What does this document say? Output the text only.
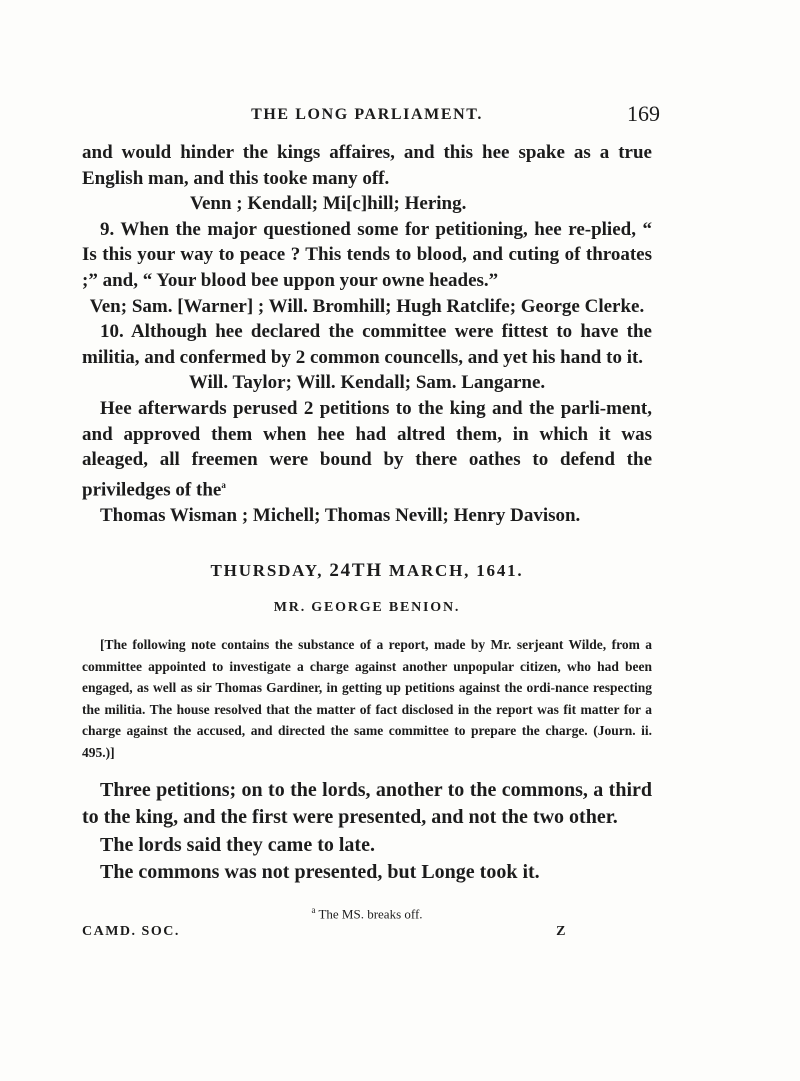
THE LONG PARLIAMENT.	169

and would hinder the kings affaires, and this hee spake as a true English man, and this tooke many off.

Venn ; Kendall; Mi[c]hill; Hering.

9. When the major questioned some for petitioning, hee re-plied, “ Is this your way to peace ? This tends to blood, and cuting of throates ;” and, “ Your blood bee uppon your owne heades.”

Ven; Sam. [Warner] ; Will. Bromhill; Hugh Ratclife; George Clerke.

10. Although hee declared the committee were fittest to have the militia, and confermed by 2 common councells, and yet his hand to it.

Will. Taylor; Will. Kendall; Sam. Langarne.

Hee afterwards perused 2 petitions to the king and the parli-ment, and approved them when hee had altred them, in which it was aleaged, all freemen were bound by there oathes to defend the priviledges of the$^a$

Thomas Wisman ; Michell; Thomas Nevill; Henry Davison.

THURSDAY, 24TH MARCH, 1641.
MR. GEORGE BENION.

[The following note contains the substance of a report, made by Mr. serjeant Wilde, from a committee appointed to investigate a charge against another unpopular citizen, who had been engaged, as well as sir Thomas Gardiner, in getting up petitions against the ordi-nance respecting the militia. The house resolved that the matter of fact disclosed in the report was fit matter for a charge against the accused, and directed the same committee to prepare the charge. (Journ. ii. 495.)]

Three petitions; on to the lords, another to the commons, a third to the king, and the first were presented, and not the two other.

The lords said they came to late.

The commons was not presented, but Longe took it.

$^a$ The MS. breaks off.
CAMD. SOC.	Z
